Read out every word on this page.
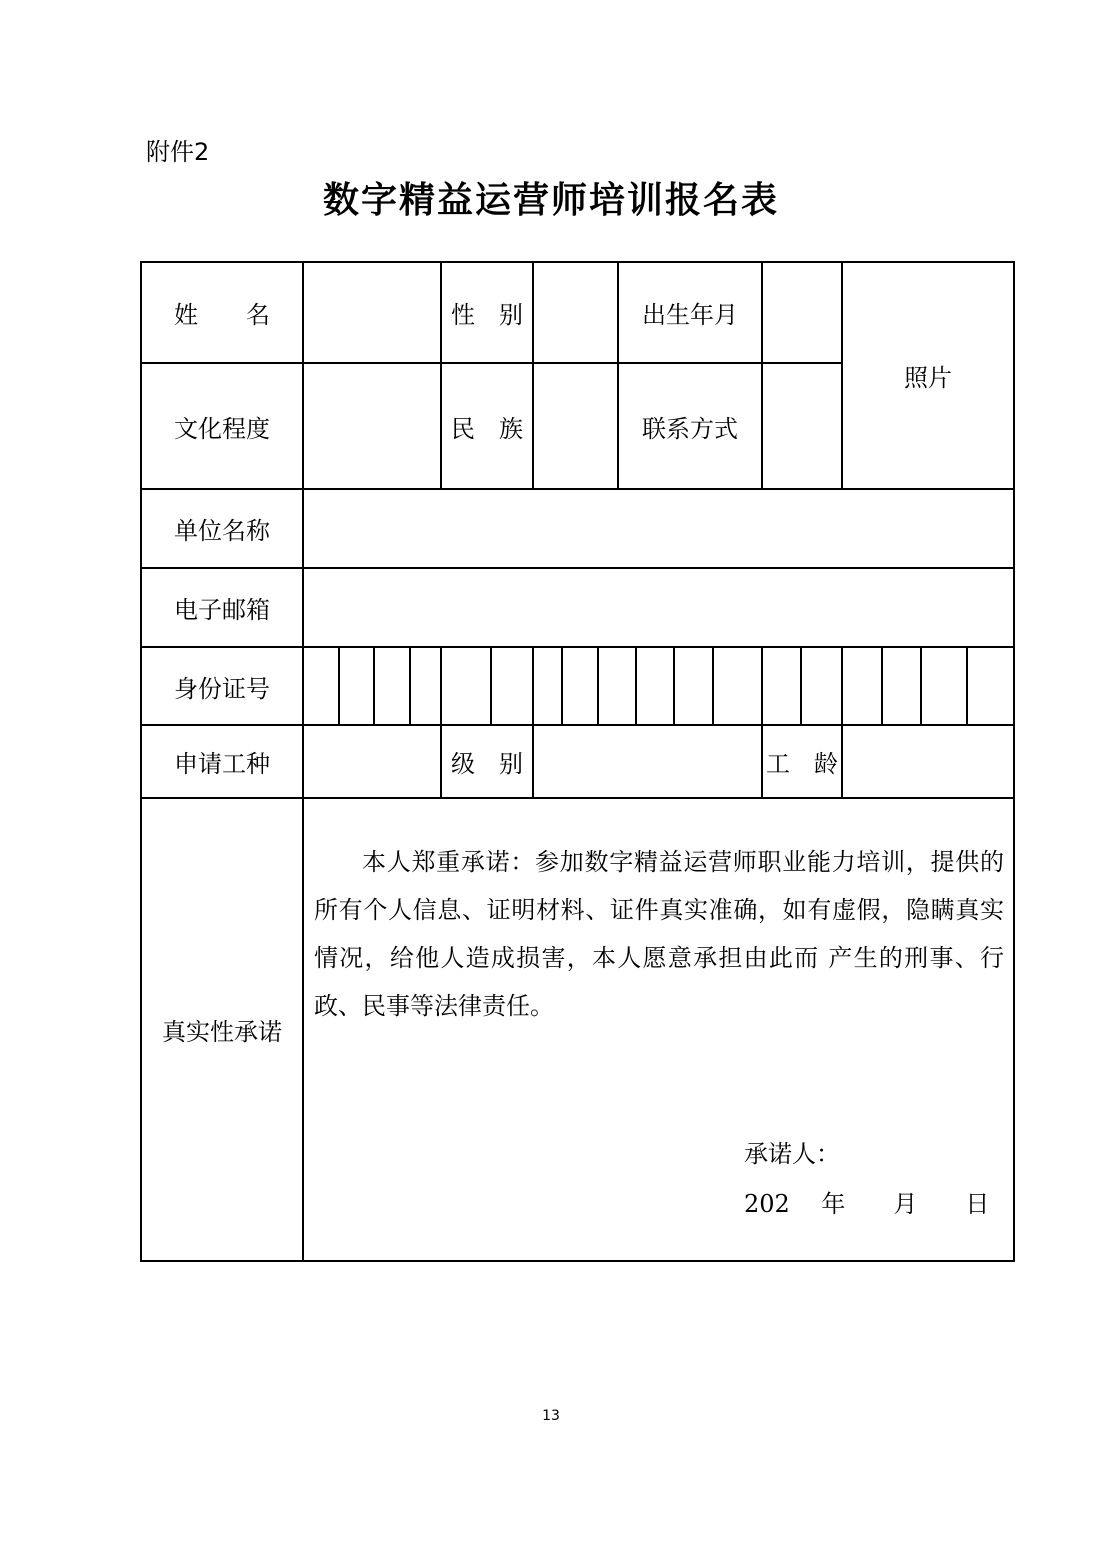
附件2
数字精益运营师培训报名表
姓　　名	性　别	出生年月
照片
文化程度	民　族	联系方式
单位名称
电子邮箱
身份证号
申请工种	级　别	工　龄
真实性承诺

本人郑重承诺：参加数字精益运营师职业能力培训，提供的所有个人信息、证明材料、证件真实准确，如有虚假，隐瞒真实情况，给他人造成损害，本人愿意承担由此而 产生的刑事、行政、民事等法律责任。

承诺人：
202　 年　　月　　日
13
